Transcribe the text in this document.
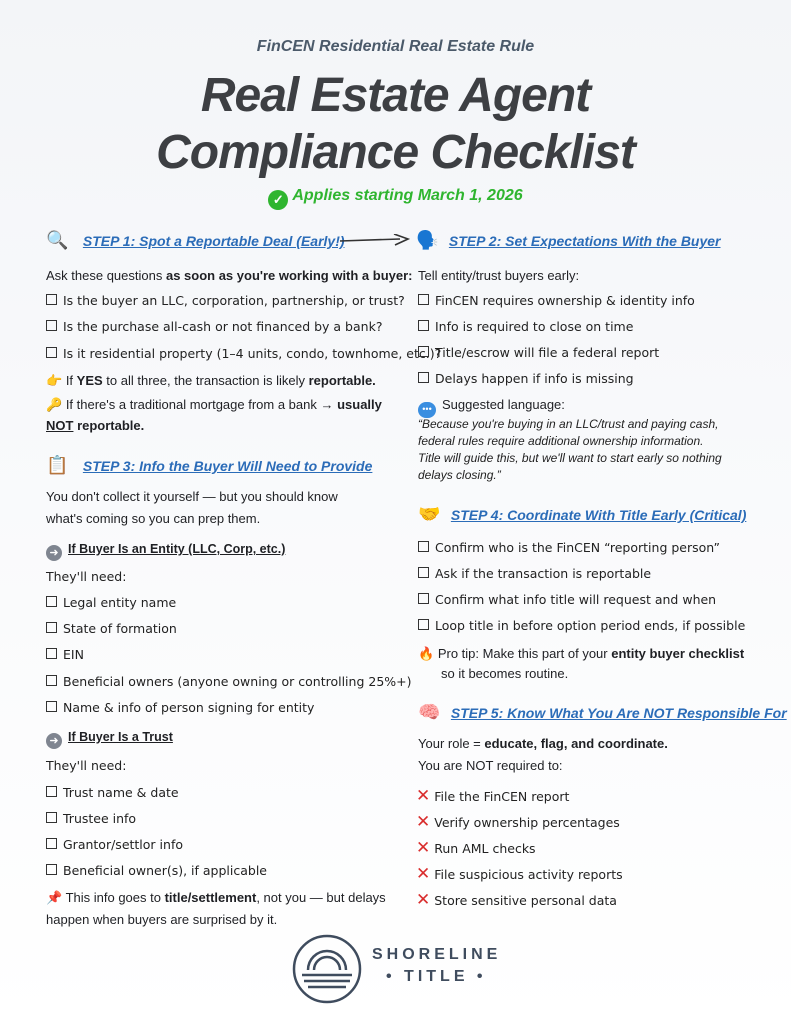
FinCEN Residential Real Estate Rule
Real Estate Agent
Compliance Checklist
✓ Applies starting March 1, 2026
🔍 STEP 1: Spot a Reportable Deal (Early!)
Ask these questions as soon as you're working with a buyer:
Is the buyer an LLC, corporation, partnership, or trust?
Is the purchase all-cash or not financed by a bank?
Is it residential property (1–4 units, condo, townhome, etc.)?
👉 If YES to all three, the transaction is likely reportable.
🔑 If there's a traditional mortgage from a bank → usually
NOT reportable.
📋 STEP 3: Info the Buyer Will Need to Provide
You don't collect it yourself — but you should know
what's coming so you can prep them.
➜ If Buyer Is an Entity (LLC, Corp, etc.)
They'll need:
Legal entity name
State of formation
EIN
Beneficial owners (anyone owning or controlling 25%+)
Name & info of person signing for entity
➜ If Buyer Is a Trust
They'll need:
Trust name & date
Trustee info
Grantor/settlor info
Beneficial owner(s), if applicable
📌 This info goes to title/settlement, not you — but delays
happen when buyers are surprised by it.
🗣️ STEP 2: Set Expectations With the Buyer
Tell entity/trust buyers early:
FinCEN requires ownership & identity info
Info is required to close on time
Title/escrow will file a federal report
Delays happen if info is missing
••• Suggested language:
“Because you're buying in an LLC/trust and paying cash,
federal rules require additional ownership information.
Title will guide this, but we'll want to start early so nothing
delays closing.”
🤝 STEP 4: Coordinate With Title Early (Critical)
Confirm who is the FinCEN “reporting person”
Ask if the transaction is reportable
Confirm what info title will request and when
Loop title in before option period ends, if possible
🔥 Pro tip: Make this part of your entity buyer checklist
so it becomes routine.
🧠 STEP 5: Know What You Are NOT Responsible For
Your role = educate, flag, and coordinate.
You are NOT required to:
✕ File the FinCEN report
✕ Verify ownership percentages
✕ Run AML checks
✕ File suspicious activity reports
✕ Store sensitive personal data
SHORELINE
• TITLE •
